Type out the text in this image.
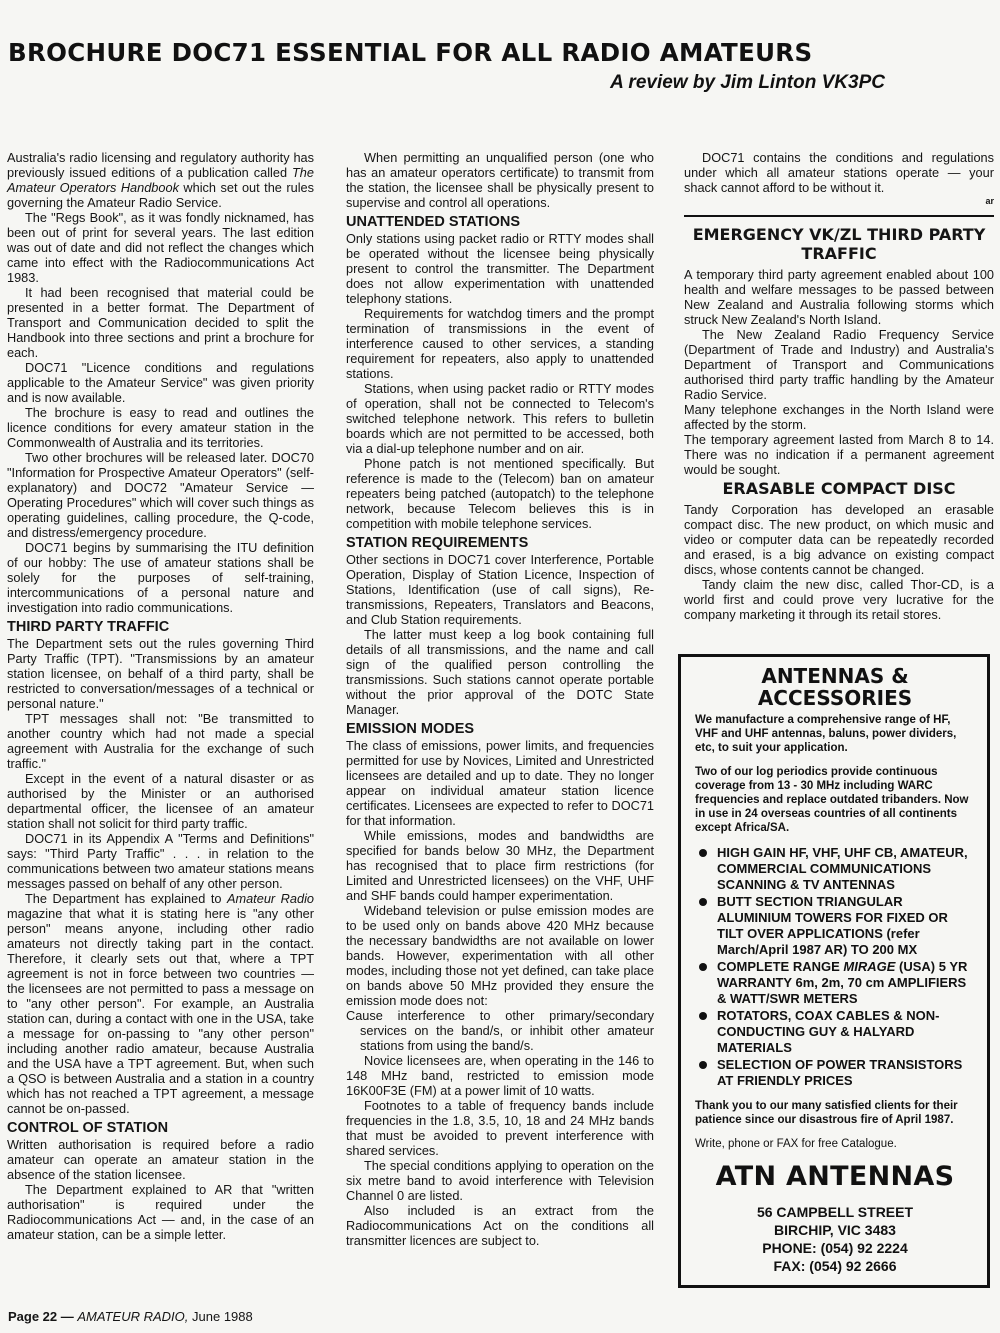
BROCHURE DOC71 ESSENTIAL FOR ALL RADIO AMATEURS

A review by Jim Linton VK3PC

Australia's radio licensing and regulatory authority has previously issued editions of a publication called The Amateur Operators Handbook which set out the rules governing the Amateur Radio Service.

The "Regs Book", as it was fondly nicknamed, has been out of print for several years. The last edition was out of date and did not reflect the changes which came into effect with the Radiocommunications Act 1983.

It had been recognised that material could be presented in a better format. The Department of Transport and Communication decided to split the Handbook into three sections and print a brochure for each.

DOC71 "Licence conditions and regulations applicable to the Amateur Service" was given priority and is now available.

The brochure is easy to read and outlines the licence conditions for every amateur station in the Commonwealth of Australia and its territories.

Two other brochures will be released later. DOC70 "Information for Prospective Amateur Operators" (self-explanatory) and DOC72 "Amateur Service — Operating Procedures" which will cover such things as operating guidelines, calling procedure, the Q-code, and distress/emergency procedure.

DOC71 begins by summarising the ITU definition of our hobby: The use of amateur stations shall be solely for the purposes of self-training, intercommunications of a personal nature and investigation into radio communications.

THIRD PARTY TRAFFIC

The Department sets out the rules governing Third Party Traffic (TPT). "Transmissions by an amateur station licensee, on behalf of a third party, shall be restricted to conversation/messages of a technical or personal nature."

TPT messages shall not: "Be transmitted to another country which had not made a special agreement with Australia for the exchange of such traffic."

Except in the event of a natural disaster or as authorised by the Minister or an authorised departmental officer, the licensee of an amateur station shall not solicit for third party traffic.

DOC71 in its Appendix A "Terms and Definitions" says: "Third Party Traffic" . . . in relation to the communications between two amateur stations means messages passed on behalf of any other person.

The Department has explained to Amateur Radio magazine that what it is stating here is "any other person" means anyone, including other radio amateurs not directly taking part in the contact. Therefore, it clearly sets out that, where a TPT agreement is not in force between two countries — the licensees are not permitted to pass a message on to "any other person". For example, an Australia station can, during a contact with one in the USA, take a message for on-passing to "any other person" including another radio amateur, because Australia and the USA have a TPT agreement. But, when such a QSO is between Australia and a station in a country which has not reached a TPT agreement, a message cannot be on-passed.

CONTROL OF STATION

Written authorisation is required before a radio amateur can operate an amateur station in the absence of the station licensee.

The Department explained to AR that "written authorisation" is required under the Radiocommunications Act — and, in the case of an amateur station, can be a simple letter.

When permitting an unqualified person (one who has an amateur operators certificate) to transmit from the station, the licensee shall be physically present to supervise and control all operations.

UNATTENDED STATIONS

Only stations using packet radio or RTTY modes shall be operated without the licensee being physically present to control the transmitter. The Department does not allow experimentation with unattended telephony stations.

Requirements for watchdog timers and the prompt termination of transmissions in the event of interference caused to other services, a standing requirement for repeaters, also apply to unattended stations.

Stations, when using packet radio or RTTY modes of operation, shall not be connected to Telecom's switched telephone network. This refers to bulletin boards which are not permitted to be accessed, both via a dial-up telephone number and on air.

Phone patch is not mentioned specifically. But reference is made to the (Telecom) ban on amateur repeaters being patched (autopatch) to the telephone network, because Telecom believes this is in competition with mobile telephone services.

STATION REQUIREMENTS

Other sections in DOC71 cover Interference, Portable Operation, Display of Station Licence, Inspection of Stations, Identification (use of call signs), Re-transmissions, Repeaters, Translators and Beacons, and Club Station requirements.

The latter must keep a log book containing full details of all transmissions, and the name and call sign of the qualified person controlling the transmissions. Such stations cannot operate portable without the prior approval of the DOTC State Manager.

EMISSION MODES

The class of emissions, power limits, and frequencies permitted for use by Novices, Limited and Unrestricted licensees are detailed and up to date. They no longer appear on individual amateur station licence certificates. Licensees are expected to refer to DOC71 for that information.

While emissions, modes and bandwidths are specified for bands below 30 MHz, the Department has recognised that to place firm restrictions (for Limited and Unrestricted licensees) on the VHF, UHF and SHF bands could hamper experimentation.

Wideband television or pulse emission modes are to be used only on bands above 420 MHz because the necessary bandwidths are not available on lower bands. However, experimentation with all other modes, including those not yet defined, can take place on bands above 50 MHz provided they ensure the emission mode does not:

Cause interference to other primary/secondary services on the band/s, or inhibit other amateur stations from using the band/s.

Novice licensees are, when operating in the 146 to 148 MHz band, restricted to emission mode 16K00F3E (FM) at a power limit of 10 watts.

Footnotes to a table of frequency bands include frequencies in the 1.8, 3.5, 10, 18 and 24 MHz bands that must be avoided to prevent interference with shared services.

The special conditions applying to operation on the six metre band to avoid interference with Television Channel 0 are listed.

Also included is an extract from the Radiocommunications Act on the conditions all transmitter licences are subject to.

DOC71 contains the conditions and regulations under which all amateur stations operate — your shack cannot afford to be without it.

ar
EMERGENCY VK/ZL THIRD PARTY TRAFFIC

A temporary third party agreement enabled about 100 health and welfare messages to be passed between New Zealand and Australia following storms which struck New Zealand's North Island.

The New Zealand Radio Frequency Service (Department of Trade and Industry) and Australia's Department of Transport and Communications authorised third party traffic handling by the Amateur Radio Service.

Many telephone exchanges in the North Island were affected by the storm.

The temporary agreement lasted from March 8 to 14. There was no indication if a permanent agreement would be sought.

ERASABLE COMPACT DISC

Tandy Corporation has developed an erasable compact disc. The new product, on which music and video or computer data can be repeatedly recorded and erased, is a big advance on existing compact discs, whose contents cannot be changed.

Tandy claim the new disc, called Thor-CD, is a world first and could prove very lucrative for the company marketing it through its retail stores.

ANTENNAS &
ACCESSORIES

We manufacture a comprehensive range of HF, VHF and UHF antennas, baluns, power dividers, etc, to suit your application.

Two of our log periodics provide continuous coverage from 13 - 30 MHz including WARC frequencies and replace outdated tribanders. Now in use in 24 overseas countries of all continents except Africa/SA.

HIGH GAIN HF, VHF, UHF CB, AMATEUR, COMMERCIAL COMMUNICATIONS SCANNING & TV ANTENNAS
BUTT SECTION TRIANGULAR ALUMINIUM TOWERS FOR FIXED OR TILT OVER APPLICATIONS (refer March/April 1987 AR) TO 200 MX
COMPLETE RANGE MIRAGE (USA) 5 YR WARRANTY 6m, 2m, 70 cm AMPLIFIERS & WATT/SWR METERS
ROTATORS, COAX CABLES & NON-CONDUCTING GUY & HALYARD MATERIALS
SELECTION OF POWER TRANSISTORS AT FRIENDLY PRICES

Thank you to our many satisfied clients for their patience since our disastrous fire of April 1987.

Write, phone or FAX for free Catalogue.

ATN ANTENNAS

56 CAMPBELL STREET

BIRCHIP, VIC 3483

PHONE: (054) 92 2224

FAX: (054) 92 2666

Page 22 — AMATEUR RADIO, June 1988
